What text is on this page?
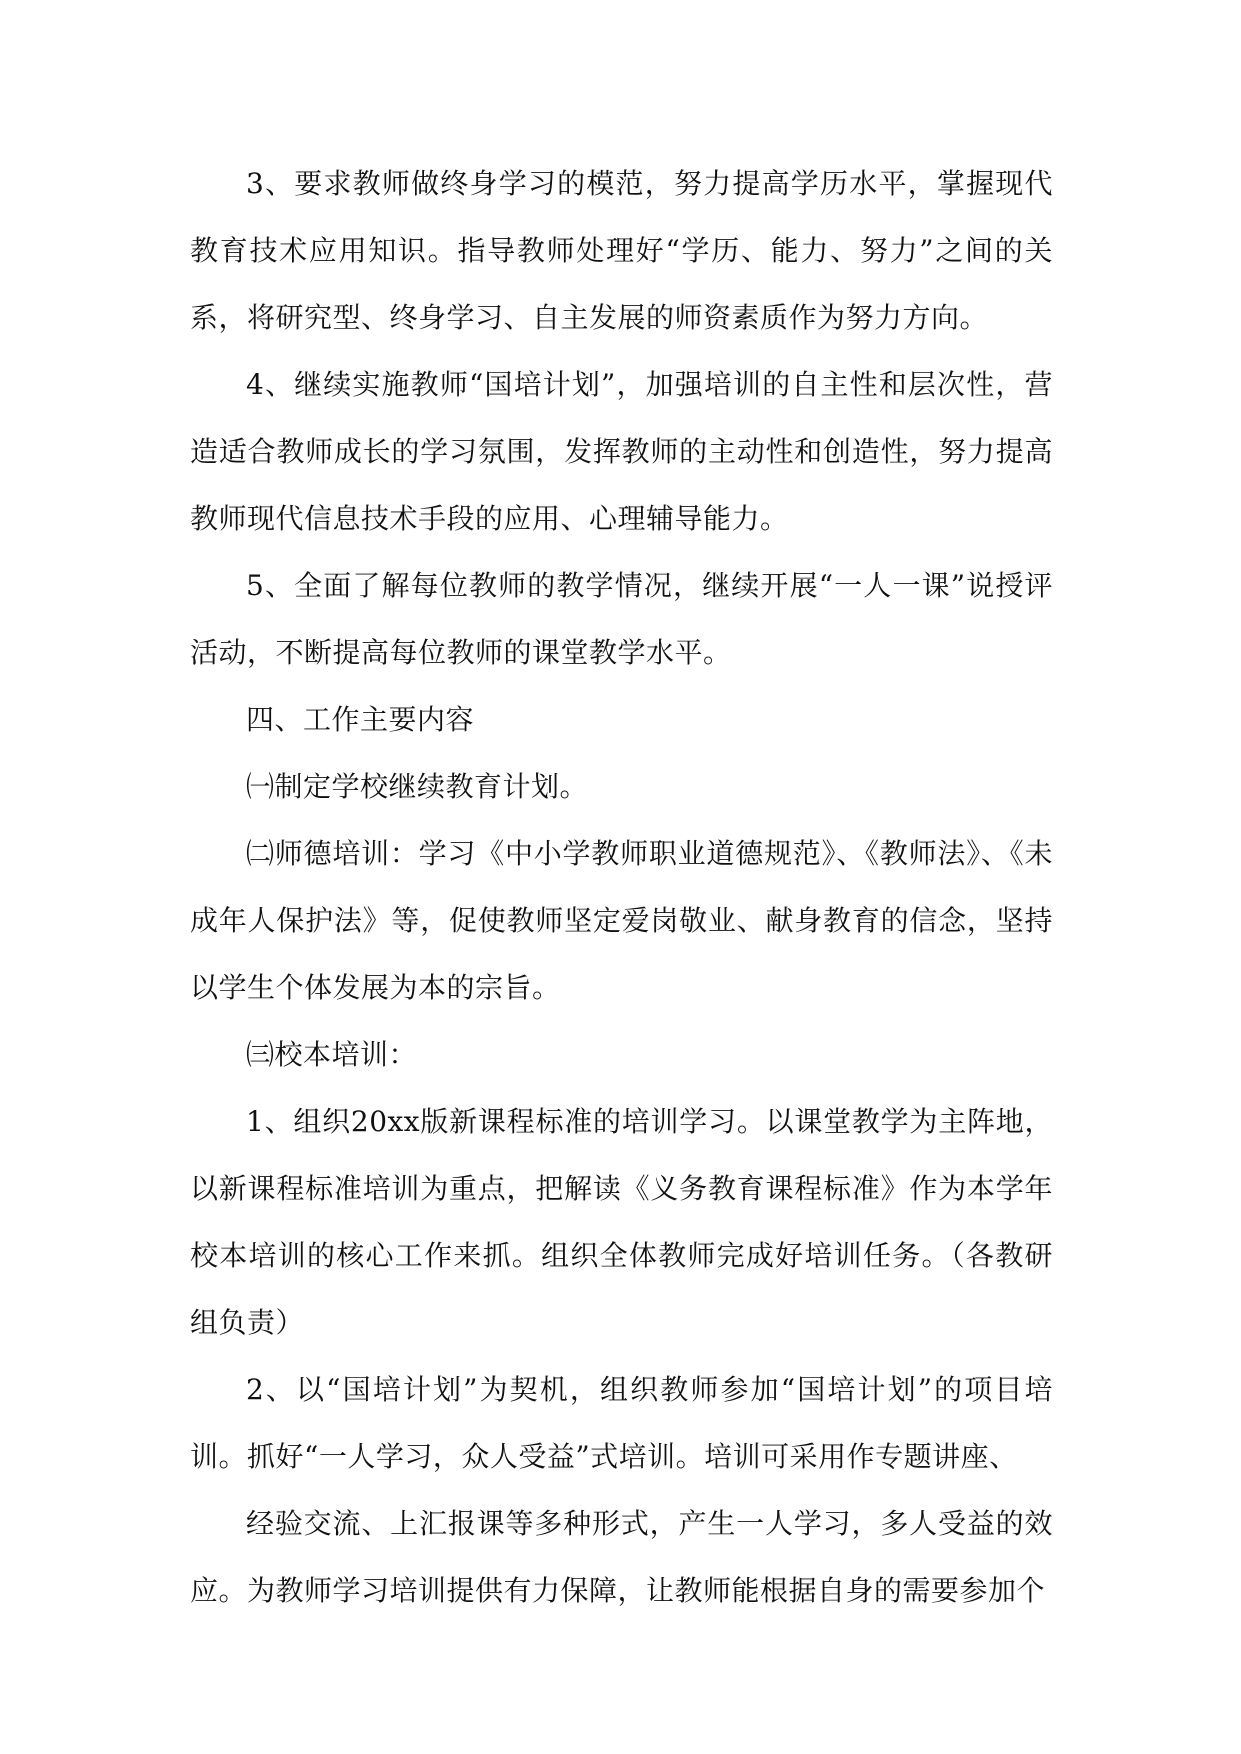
3、要求教师做终身学习的模范，努力提高学历水平，掌握现代教育技术应用知识。指导教师处理好“学历、能力、努力”之间的关系，将研究型、终身学习、自主发展的师资素质作为努力方向。

4、继续实施教师“国培计划”，加强培训的自主性和层次性，营造适合教师成长的学习氛围，发挥教师的主动性和创造性，努力提高教师现代信息技术手段的应用、心理辅导能力。

5、全面了解每位教师的教学情况，继续开展“一人一课”说授评活动，不断提高每位教师的课堂教学水平。

四、工作主要内容

㈠制定学校继续教育计划。

㈡师德培训：学习《中小学教师职业道德规范》、《教师法》、《未成年人保护法》等，促使教师坚定爱岗敬业、献身教育的信念，坚持以学生个体发展为本的宗旨。

㈢校本培训：

1、组织20xx版新课程标准的培训学习。以课堂教学为主阵地，以新课程标准培训为重点，把解读《义务教育课程标准》作为本学年校本培训的核心工作来抓。组织全体教师完成好培训任务。（各教研组负责）

2、以“国培计划”为契机，组织教师参加“国培计划”的项目培训。抓好“一人学习，众人受益”式培训。培训可采用作专题讲座、

经验交流、上汇报课等多种形式，产生一人学习，多人受益的效应。为教师学习培训提供有力保障，让教师能根据自身的需要参加个
